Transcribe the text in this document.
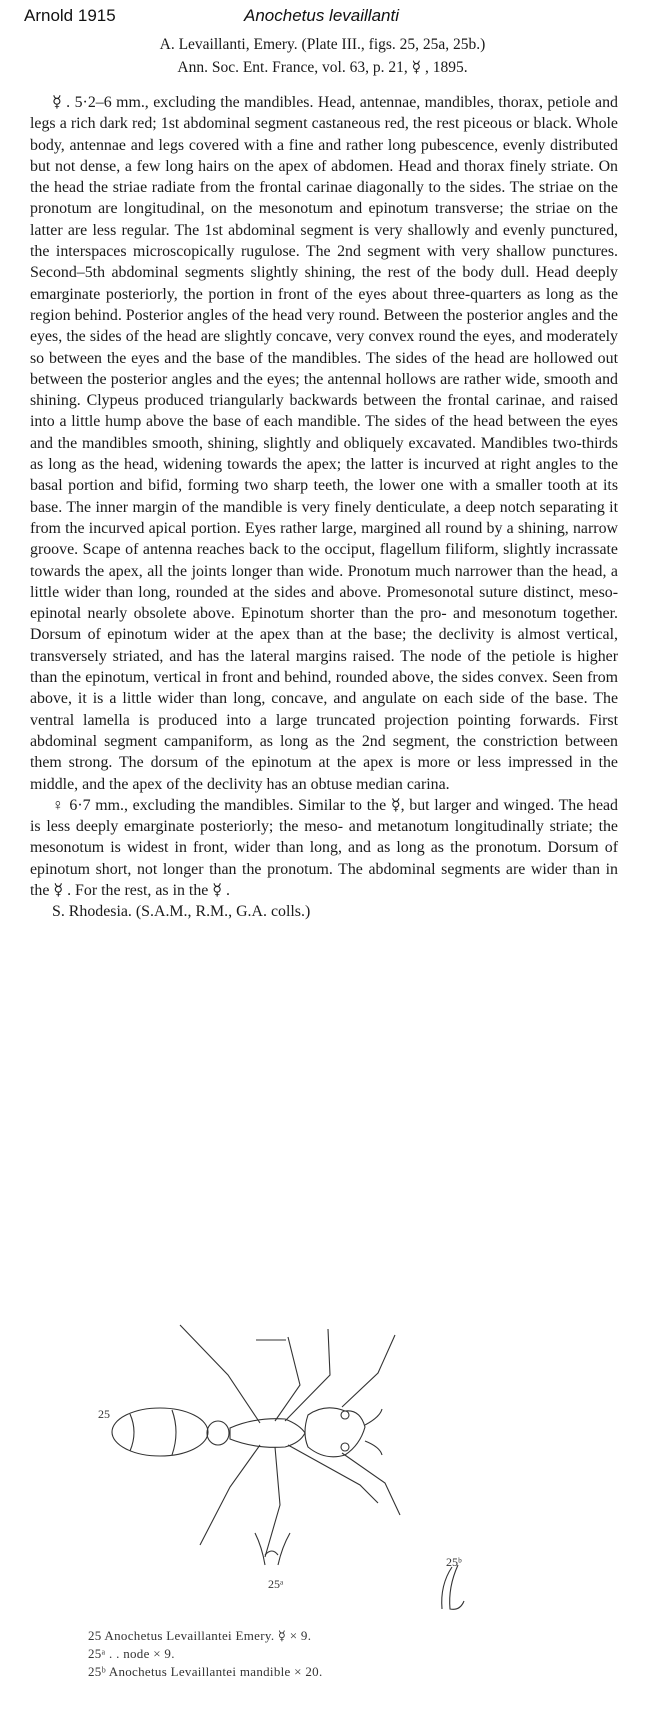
Arnold 1915	Anochetus levaillanti
A. Levaillanti, Emery. (Plate III., figs. 25, 25a, 25b.)
Ann. Soc. Ent. France, vol. 63, p. 21, ☿ , 1895.

☿ . 5·2–6 mm., excluding the mandibles. Head, antennae, mandibles, thorax, petiole and legs a rich dark red; 1st abdominal segment castaneous red, the rest piceous or black. Whole body, antennae and legs covered with a fine and rather long pubescence, evenly distributed but not dense, a few long hairs on the apex of abdomen. Head and thorax finely striate. On the head the striae radiate from the frontal carinae diagonally to the sides. The striae on the pronotum are longitudinal, on the mesonotum and epinotum transverse; the striae on the latter are less regular. The 1st abdominal segment is very shallowly and evenly punctured, the interspaces microscopically rugulose. The 2nd segment with very shallow punctures. Second–5th abdominal segments slightly shining, the rest of the body dull. Head deeply emarginate posteriorly, the portion in front of the eyes about three-quarters as long as the region behind. Posterior angles of the head very round. Between the posterior angles and the eyes, the sides of the head are slightly concave, very convex round the eyes, and moderately so between the eyes and the base of the mandibles. The sides of the head are hollowed out between the posterior angles and the eyes; the antennal hollows are rather wide, smooth and shining. Clypeus produced triangularly backwards between the frontal carinae, and raised into a little hump above the base of each mandible. The sides of the head between the eyes and the mandibles smooth, shining, slightly and obliquely excavated. Mandibles two-thirds as long as the head, widening towards the apex; the latter is incurved at right angles to the basal portion and bifid, forming two sharp teeth, the lower one with a smaller tooth at its base. The inner margin of the mandible is very finely denticulate, a deep notch separating it from the incurved apical portion. Eyes rather large, margined all round by a shining, narrow groove. Scape of antenna reaches back to the occiput, flagellum filiform, slightly incrassate towards the apex, all the joints longer than wide. Pronotum much narrower than the head, a little wider than long, rounded at the sides and above. Promesonotal suture distinct, meso-epinotal nearly obsolete above. Epinotum shorter than the pro- and mesonotum together. Dorsum of epinotum wider at the apex than at the base; the declivity is almost vertical, transversely striated, and has the lateral margins raised. The node of the petiole is higher than the epinotum, vertical in front and behind, rounded above, the sides convex. Seen from above, it is a little wider than long, concave, and angulate on each side of the base. The ventral lamella is produced into a large truncated projection pointing forwards. First abdominal segment campaniform, as long as the 2nd segment, the constriction between them strong. The dorsum of the epinotum at the apex is more or less impressed in the middle, and the apex of the declivity has an obtuse median carina.

♀ 6·7 mm., excluding the mandibles. Similar to the ☿, but larger and winged. The head is less deeply emarginate posteriorly; the meso- and metanotum longitudinally striate; the mesonotum is widest in front, wider than long, and as long as the pronotum. Dorsum of epinotum short, not longer than the pronotum. The abdominal segments are wider than in the ☿ . For the rest, as in the ☿ .

S. Rhodesia. (S.A.M., R.M., G.A. colls.)

25
25ᵃ
25ᵇ
25 Anochetus Levaillantei Emery. ☿ × 9.
25ᵃ . . node × 9.
25ᵇ Anochetus Levaillantei mandible × 20.
